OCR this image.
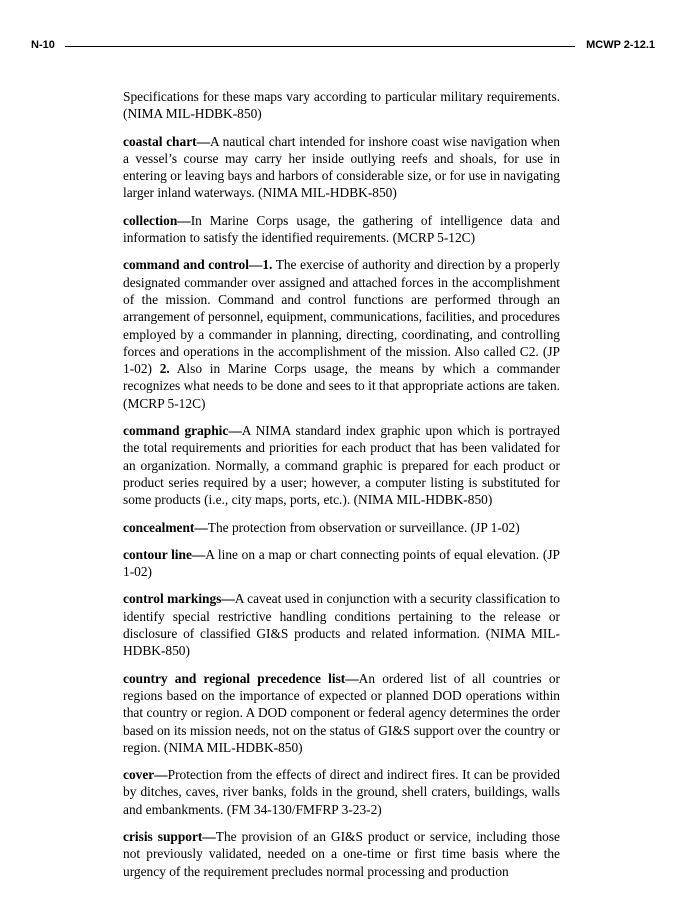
N-10	MCWP 2-12.1

Specifications for these maps vary according to particular military requirements. (NIMA MIL-HDBK-850)

coastal chart—A nautical chart intended for inshore coast wise navigation when a vessel’s course may carry her inside outlying reefs and shoals, for use in entering or leaving bays and harbors of considerable size, or for use in navigating larger inland waterways. (NIMA MIL-HDBK-850)

collection—In Marine Corps usage, the gathering of intelligence data and information to satisfy the identified requirements. (MCRP 5-12C)

command and control—1. The exercise of authority and direction by a properly designated commander over assigned and attached forces in the accomplishment of the mission. Command and control functions are performed through an arrangement of personnel, equipment, communications, facilities, and procedures employed by a commander in planning, directing, coordinating, and controlling forces and operations in the accomplishment of the mission. Also called C2. (JP 1-02) 2. Also in Marine Corps usage, the means by which a commander recognizes what needs to be done and sees to it that appropriate actions are taken. (MCRP 5-12C)

command graphic—A NIMA standard index graphic upon which is portrayed the total requirements and priorities for each product that has been validated for an organization. Normally, a command graphic is prepared for each product or product series required by a user; however, a computer listing is substituted for some products (i.e., city maps, ports, etc.). (NIMA MIL-HDBK-850)

concealment—The protection from observation or surveillance. (JP 1-02)

contour line—A line on a map or chart connecting points of equal elevation. (JP 1-02)

control markings—A caveat used in conjunction with a security classification to identify special restrictive handling conditions pertaining to the release or disclosure of classified GI&S products and related information. (NIMA MIL-HDBK-850)

country and regional precedence list—An ordered list of all countries or regions based on the importance of expected or planned DOD operations within that country or region. A DOD component or federal agency determines the order based on its mission needs, not on the status of GI&S support over the country or region. (NIMA MIL-HDBK-850)

cover—Protection from the effects of direct and indirect fires. It can be provided by ditches, caves, river banks, folds in the ground, shell craters, buildings, walls and embankments. (FM 34-130/FMFRP 3-23-2)

crisis support—The provision of an GI&S product or service, including those not previously validated, needed on a one-time or first time basis where the urgency of the requirement precludes normal processing and production
